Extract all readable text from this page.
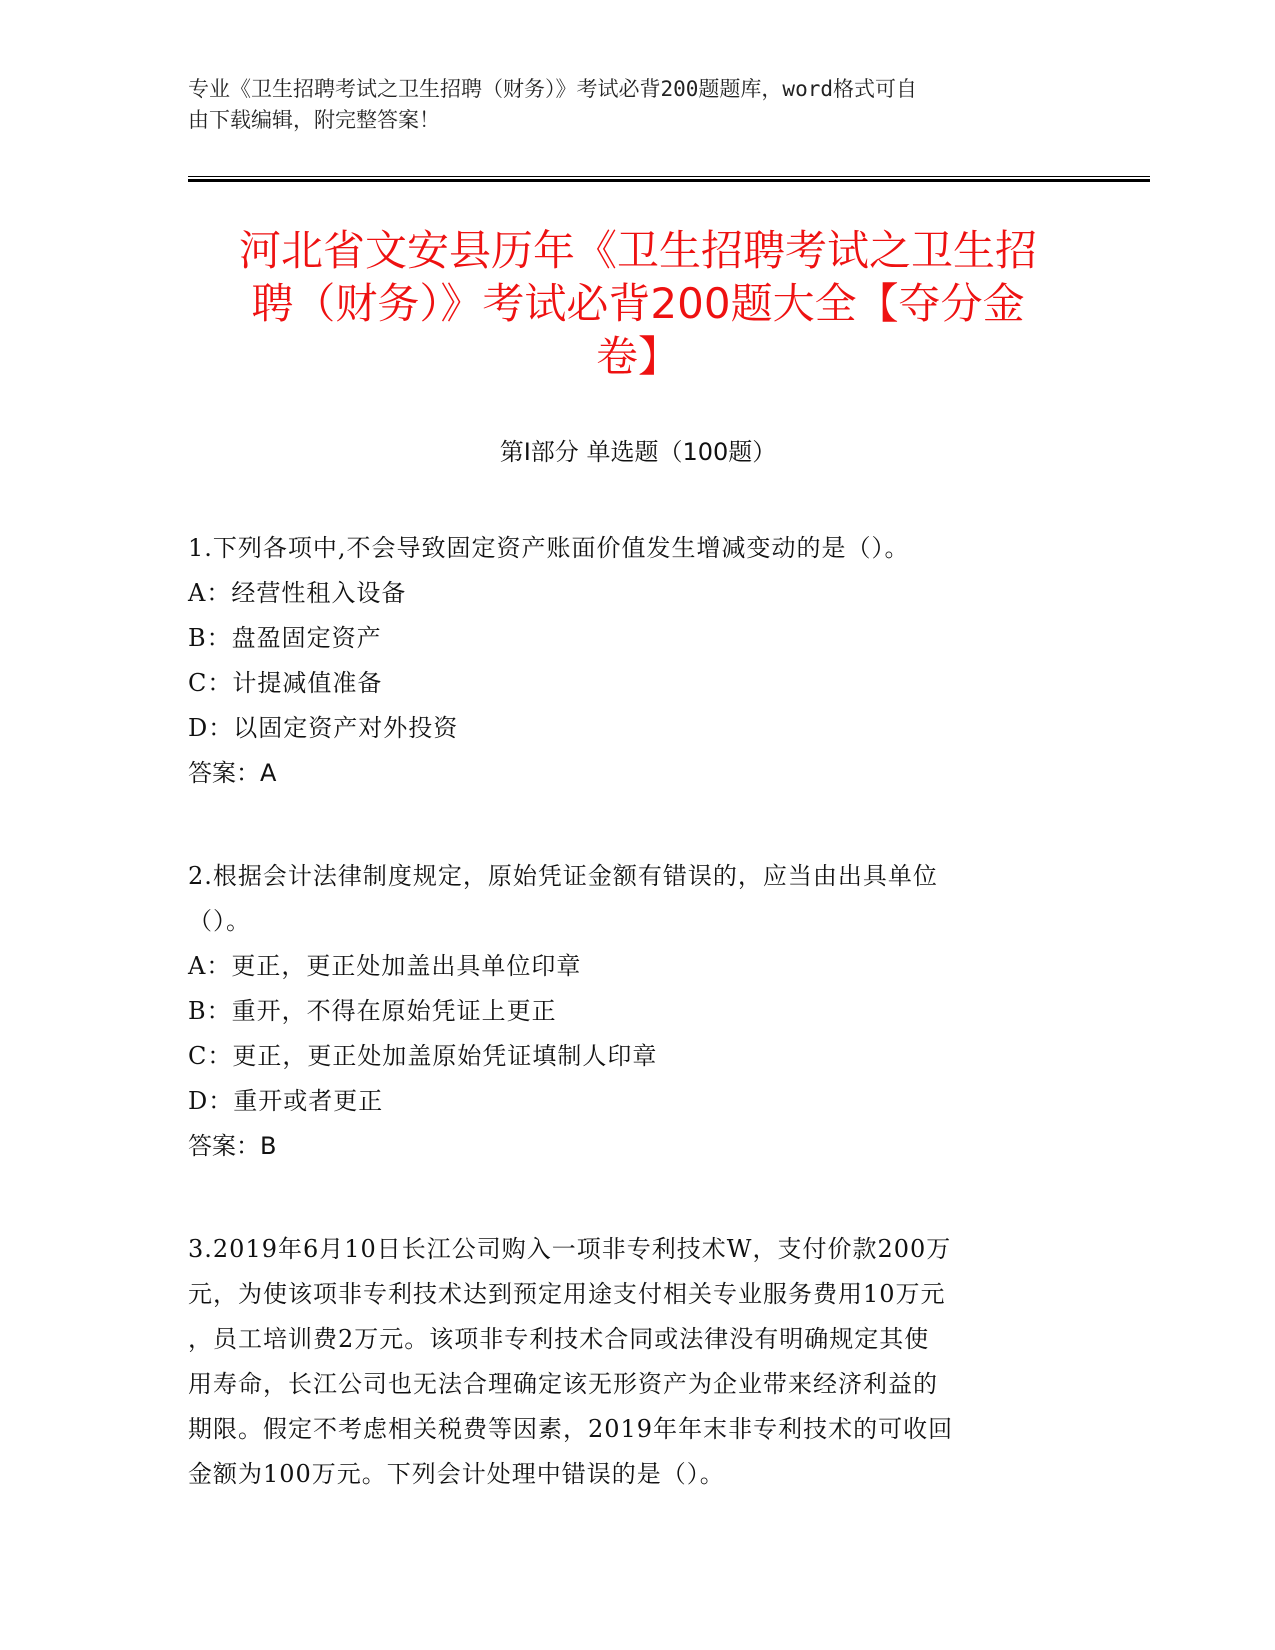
专业《卫生招聘考试之卫生招聘（财务）》考试必背200题题库，word格式可自
由下载编辑，附完整答案！
河北省文安县历年《卫生招聘考试之卫生招
聘（财务）》考试必背200题大全【夺分金
卷】
第I部分 单选题（100题）
1.下列各项中,不会导致固定资产账面价值发生增减变动的是（）。
A：经营性租入设备
B：盘盈固定资产
C：计提减值准备
D：以固定资产对外投资
答案：A
2.根据会计法律制度规定，原始凭证金额有错误的，应当由出具单位
（）。
A：更正，更正处加盖出具单位印章
B：重开，不得在原始凭证上更正
C：更正，更正处加盖原始凭证填制人印章
D：重开或者更正
答案：B
3.2019年6月10日长江公司购入一项非专利技术W，支付价款200万
元，为使该项非专利技术达到预定用途支付相关专业服务费用10万元
，员工培训费2万元。该项非专利技术合同或法律没有明确规定其使
用寿命，长江公司也无法合理确定该无形资产为企业带来经济利益的
期限。假定不考虑相关税费等因素，2019年年末非专利技术的可收回
金额为100万元。下列会计处理中错误的是（）。
